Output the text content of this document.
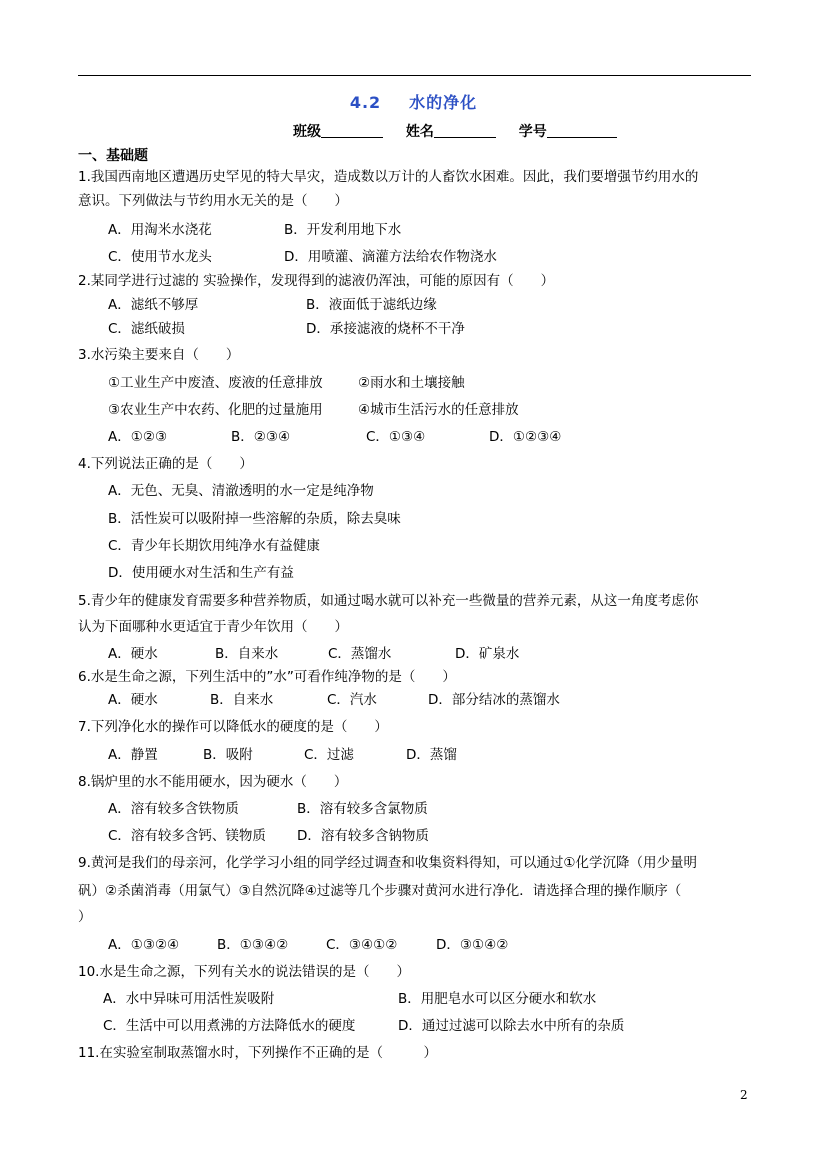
4.2 水的净化
班级	姓名	学号
一、基础题
1.我国西南地区遭遇历史罕见的特大旱灾，造成数以万计的人畜饮水困难。因此，我们要增强节约用水的
意识。下列做法与节约用水无关的是（　　）
A．用淘米水浇花	B．开发利用地下水
C．使用节水龙头	D．用喷灌、滴灌方法给农作物浇水
2.某同学进行过滤的 实验操作，发现得到的滤液仍浑浊，可能的原因有（　　）
A．滤纸不够厚	B．液面低于滤纸边缘
C．滤纸破损	D．承接滤液的烧杯不干净
3.水污染主要来自（　　）
①工业生产中废渣、废液的任意排放	②雨水和土壤接触
③农业生产中农药、化肥的过量施用	④城市生活污水的任意排放
A．①②③	B．②③④	C．①③④	D．①②③④
4.下列说法正确的是（　　）
A．无色、无臭、清澈透明的水一定是纯净物
B．活性炭可以吸附掉一些溶解的杂质，除去臭味
C．青少年长期饮用纯净水有益健康
D．使用硬水对生活和生产有益
5.青少年的健康发育需要多种营养物质，如通过喝水就可以补充一些微量的营养元素，从这一角度考虑你
认为下面哪种水更适宜于青少年饮用（　　）
A．硬水	B．自来水	C．蒸馏水	D．矿泉水
6.水是生命之源，下列生活中的”水”可看作纯净物的是（　　）
A．硬水	B．自来水	C．汽水	D．部分结冰的蒸馏水
7.下列净化水的操作可以降低水的硬度的是（　　）
A．静置	B．吸附	C．过滤	D．蒸馏
8.锅炉里的水不能用硬水，因为硬水（　　）
A．溶有较多含铁物质	B．溶有较多含氯物质
C．溶有较多含钙、镁物质 D．溶有较多含钠物质
9.黄河是我们的母亲河，化学学习小组的同学经过调查和收集资料得知，可以通过①化学沉降（用少量明
矾）②杀菌消毒（用氯气）③自然沉降④过滤等几个步骤对黄河水进行净化．请选择合理的操作顺序（
）
A．①③②④	B．①③④②	C．③④①②	D．③①④②
10.水是生命之源，下列有关水的说法错误的是（　　）
A．水中异味可用活性炭吸附	B．用肥皂水可以区分硬水和软水
C．生活中可以用煮沸的方法降低水的硬度	D．通过过滤可以除去水中所有的杂质
11.在实验室制取蒸馏水时，下列操作不正确的是（　　　）
2
